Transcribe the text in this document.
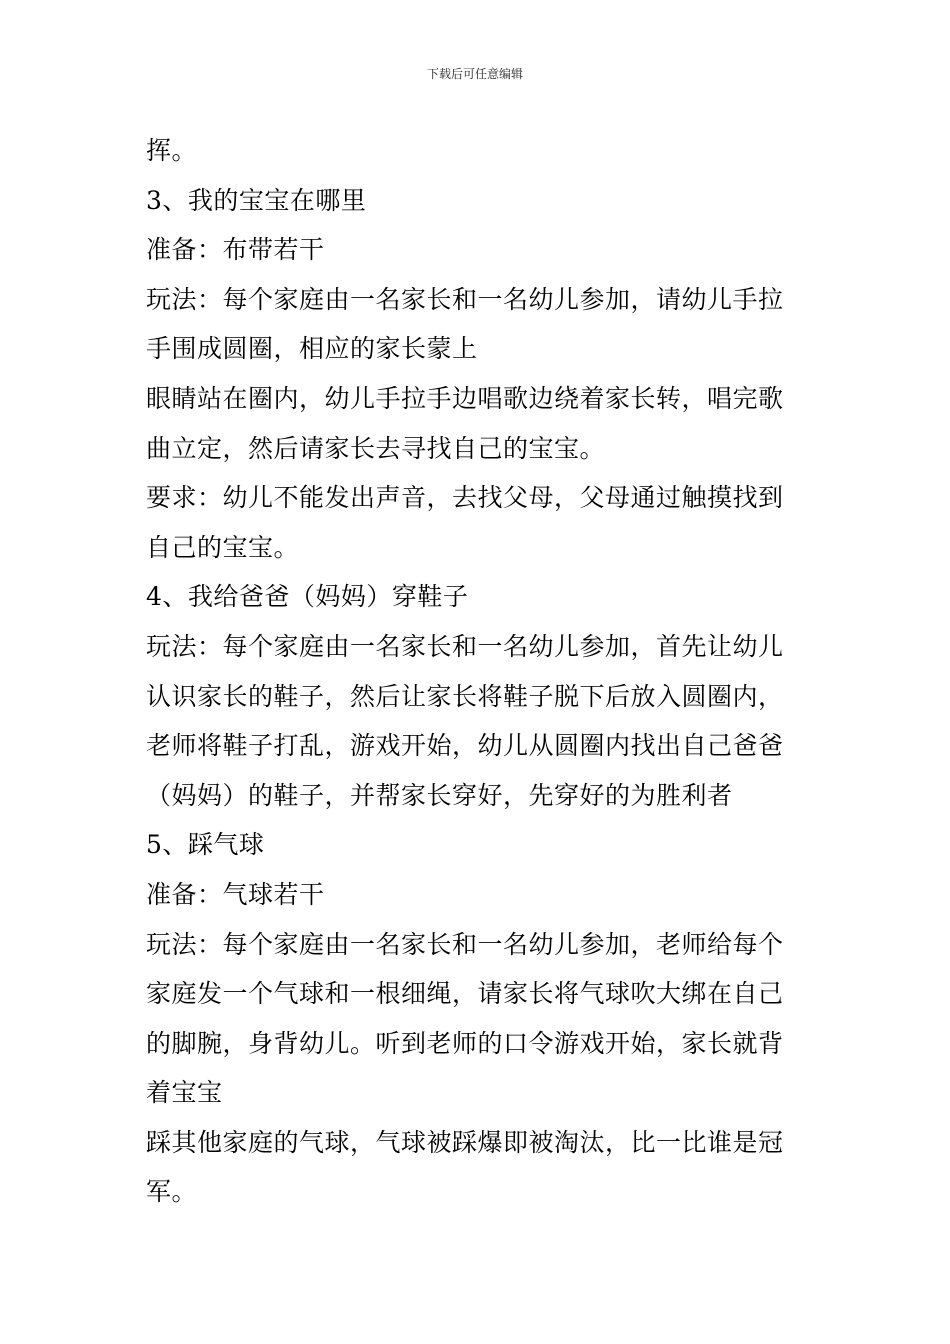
下载后可任意编辑
挥。
3、我的宝宝在哪里
准备：布带若干
玩法：每个家庭由一名家长和一名幼儿参加，请幼儿手拉
手围成圆圈，相应的家长蒙上
眼睛站在圈内，幼儿手拉手边唱歌边绕着家长转，唱完歌
曲立定，然后请家长去寻找自己的宝宝。
要求：幼儿不能发出声音，去找父母，父母通过触摸找到
自己的宝宝。
4、我给爸爸（妈妈）穿鞋子
玩法：每个家庭由一名家长和一名幼儿参加，首先让幼儿
认识家长的鞋子，然后让家长将鞋子脱下后放入圆圈内，
老师将鞋子打乱，游戏开始，幼儿从圆圈内找出自己爸爸
（妈妈）的鞋子，并帮家长穿好，先穿好的为胜利者
5、踩气球
准备：气球若干
玩法：每个家庭由一名家长和一名幼儿参加，老师给每个
家庭发一个气球和一根细绳，请家长将气球吹大绑在自己
的脚腕，身背幼儿。听到老师的口令游戏开始，家长就背
着宝宝
踩其他家庭的气球，气球被踩爆即被淘汰，比一比谁是冠
军。
